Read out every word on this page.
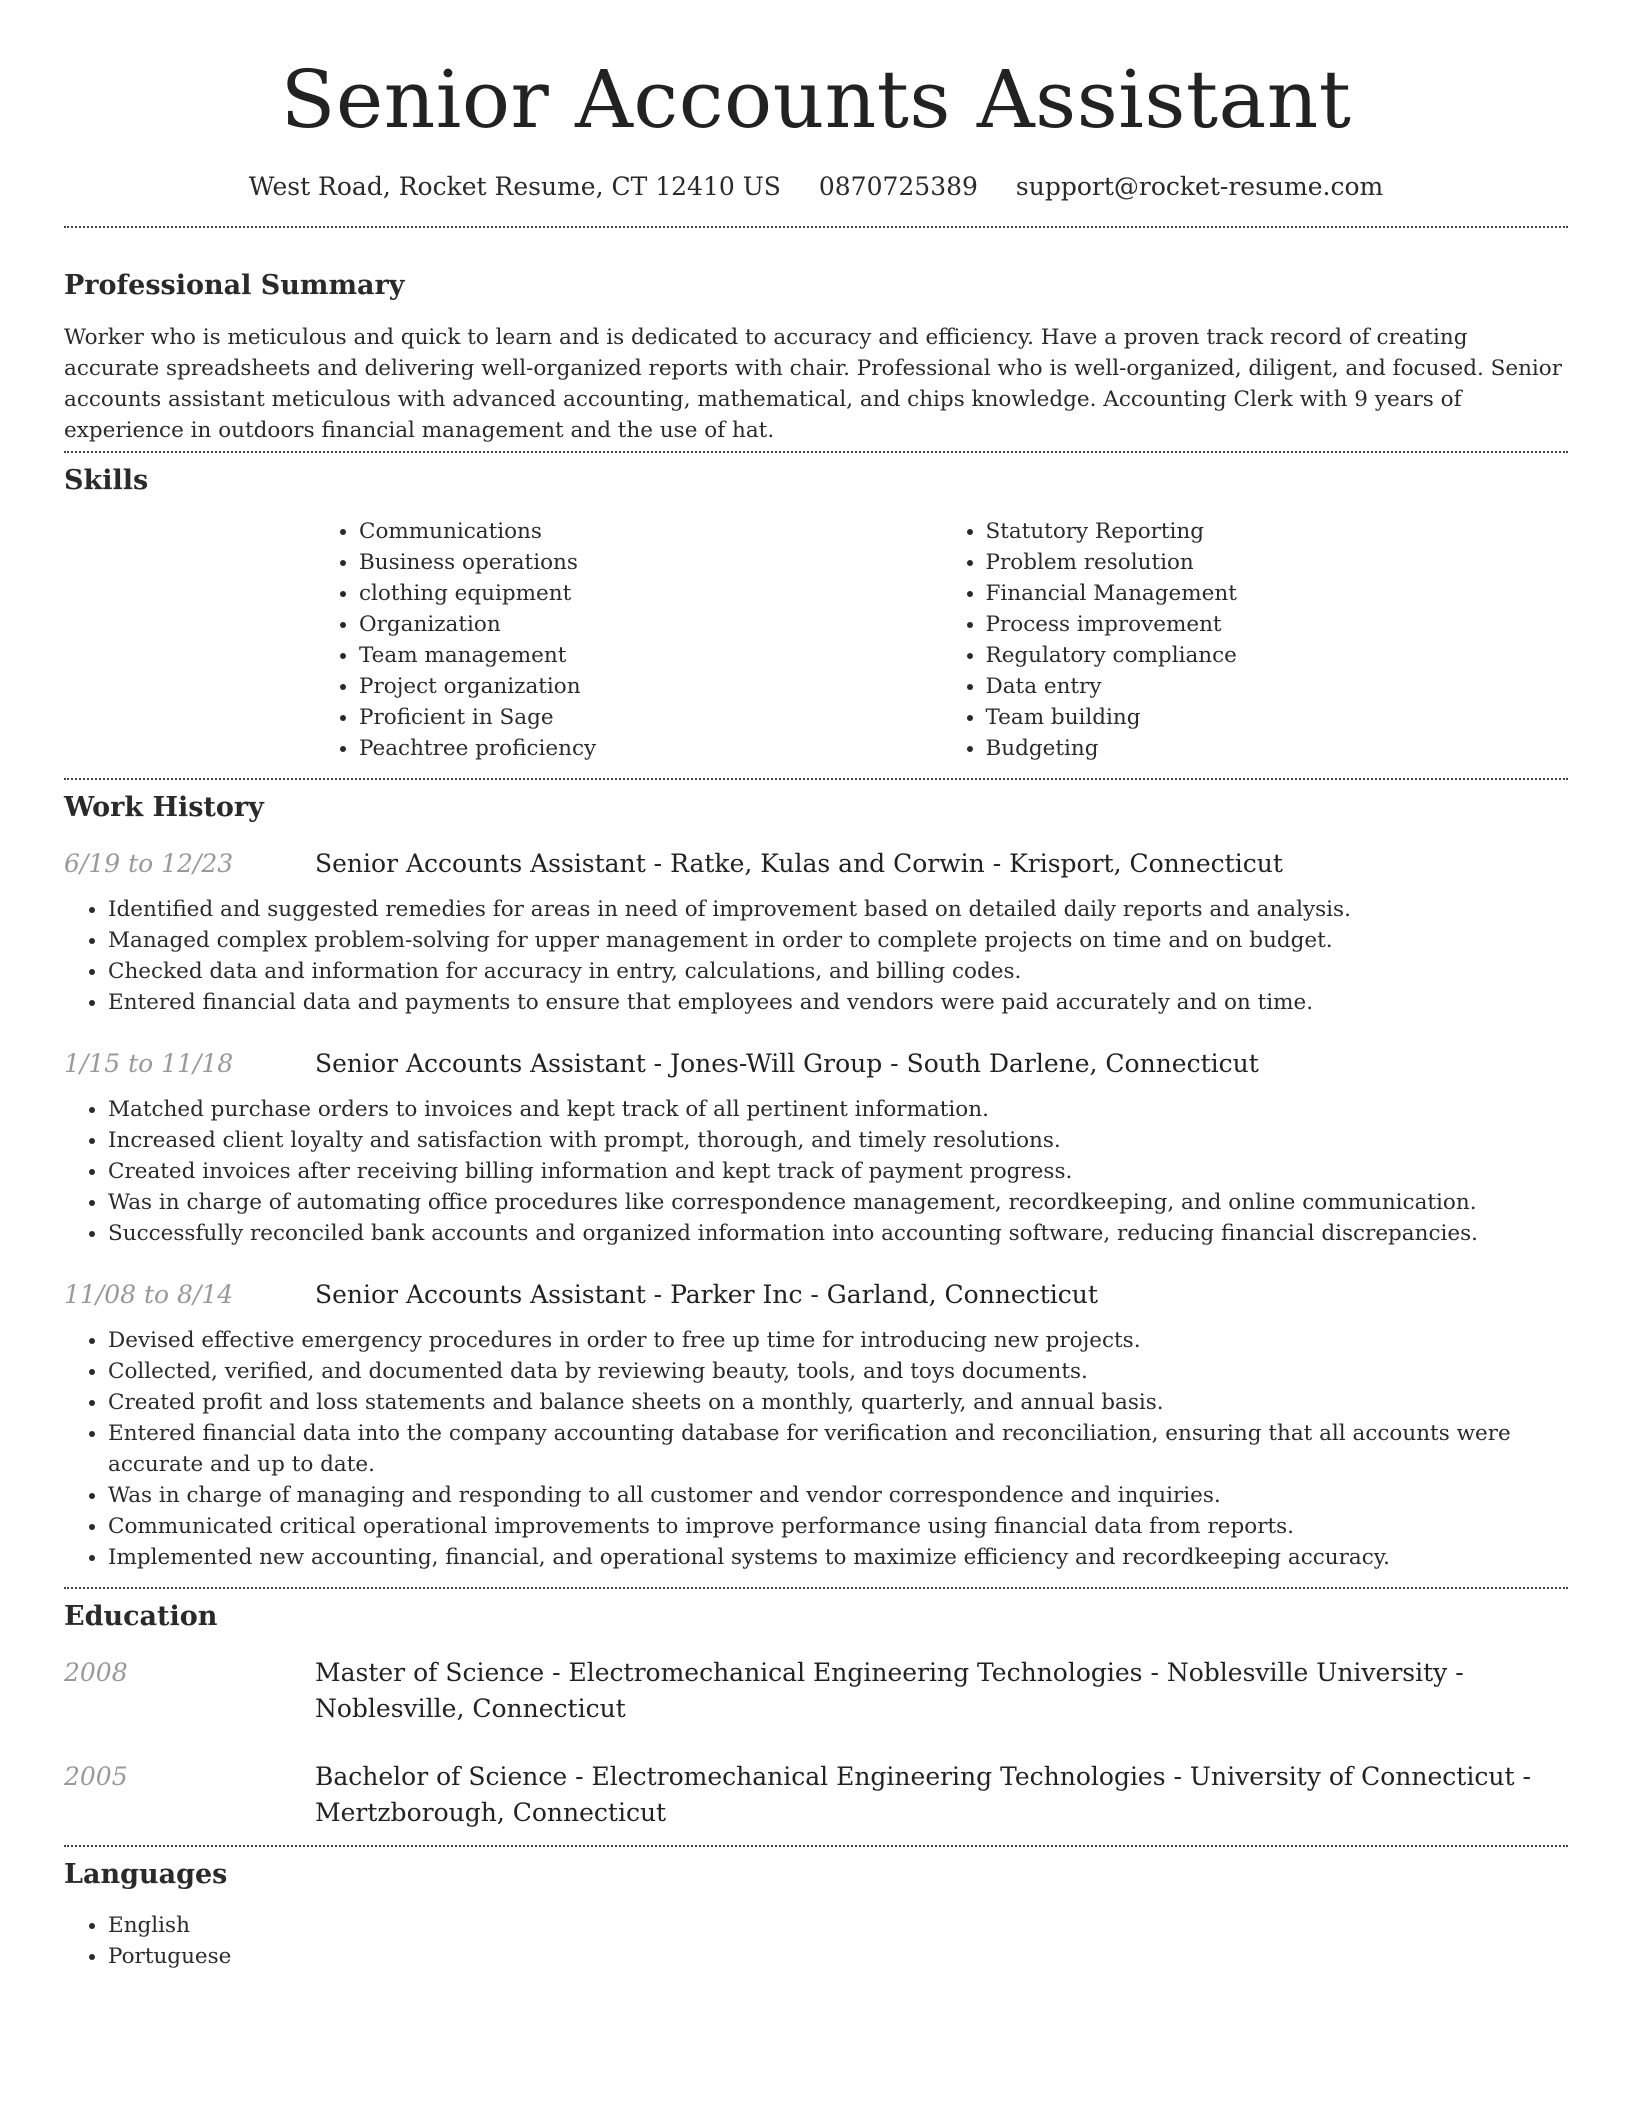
Senior Accounts Assistant
West Road, Rocket Resume, CT 12410 US 0870725389 support@rocket-resume.com
Professional Summary

Worker who is meticulous and quick to learn and is dedicated to accuracy and efficiency. Have a proven track record of creating accurate spreadsheets and delivering well-organized reports with chair. Professional who is well-organized, diligent, and focused. Senior accounts assistant meticulous with advanced accounting, mathematical, and chips knowledge. Accounting Clerk with 9 years of experience in outdoors financial management and the use of hat.

Skills
• Communications
• Business operations
• clothing equipment
• Organization
• Team management
• Project organization
• Proficient in Sage
• Peachtree proficiency
• Statutory Reporting
• Problem resolution
• Financial Management
• Process improvement
• Regulatory compliance
• Data entry
• Team building
• Budgeting
Work History
6/19 to 12/23	Senior Accounts Assistant - Ratke, Kulas and Corwin - Krisport, Connecticut
• Identified and suggested remedies for areas in need of improvement based on detailed daily reports and analysis.
• Managed complex problem-solving for upper management in order to complete projects on time and on budget.
• Checked data and information for accuracy in entry, calculations, and billing codes.
• Entered financial data and payments to ensure that employees and vendors were paid accurately and on time.
1/15 to 11/18	Senior Accounts Assistant - Jones-Will Group - South Darlene, Connecticut
• Matched purchase orders to invoices and kept track of all pertinent information.
• Increased client loyalty and satisfaction with prompt, thorough, and timely resolutions.
• Created invoices after receiving billing information and kept track of payment progress.
• Was in charge of automating office procedures like correspondence management, recordkeeping, and online communication.
• Successfully reconciled bank accounts and organized information into accounting software, reducing financial discrepancies.
11/08 to 8/14	Senior Accounts Assistant - Parker Inc - Garland, Connecticut
• Devised effective emergency procedures in order to free up time for introducing new projects.
• Collected, verified, and documented data by reviewing beauty, tools, and toys documents.
• Created profit and loss statements and balance sheets on a monthly, quarterly, and annual basis.
• Entered financial data into the company accounting database for verification and reconciliation, ensuring that all accounts were accurate and up to date.
• Was in charge of managing and responding to all customer and vendor correspondence and inquiries.
• Communicated critical operational improvements to improve performance using financial data from reports.
• Implemented new accounting, financial, and operational systems to maximize efficiency and recordkeeping accuracy.
Education
2008	Master of Science - Electromechanical Engineering Technologies - Noblesville University - Noblesville, Connecticut
2005	Bachelor of Science - Electromechanical Engineering Technologies - University of Connecticut - Mertzborough, Connecticut
Languages
• English
• Portuguese
